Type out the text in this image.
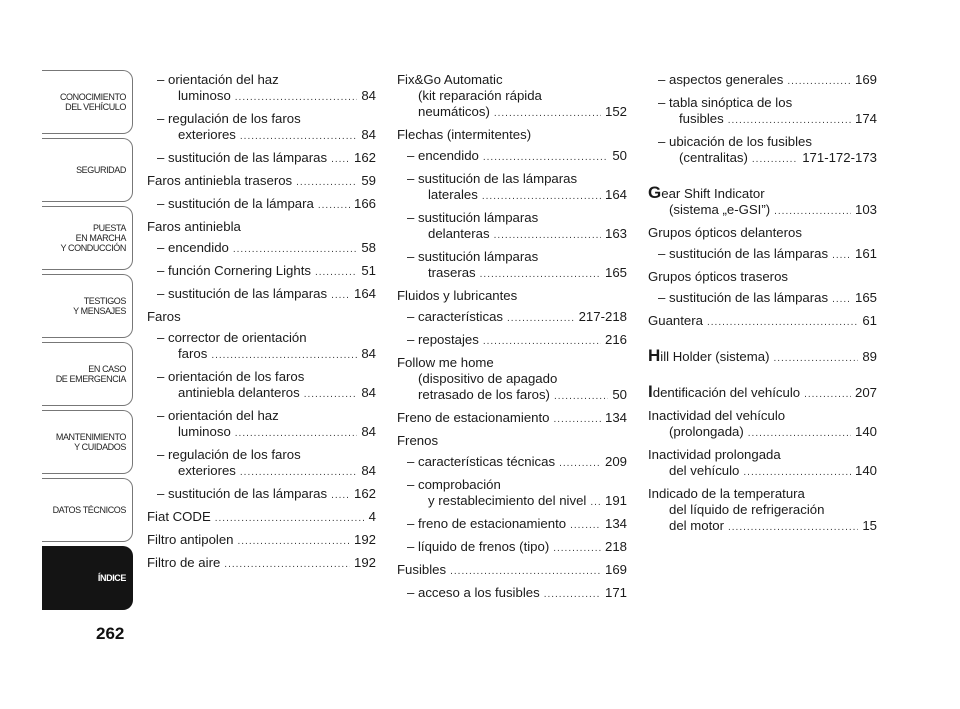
CONOCIMIENTO
DEL VEHÍCULO
SEGURIDAD
PUESTA
EN MARCHA
Y CONDUCCIÓN
TESTIGOS
Y MENSAJES
EN CASO
DE EMERGENCIA
MANTENIMIENTO
Y CUIDADOS
DATOS TÉCNICOS
ÍNDICE
262
– orientación del haz
luminoso .....	84
– regulación de los faros
exteriores .....	84
– sustitución de las lámparas ..... 162
Faros antiniebla traseros .....	59
– sustitución de la lámpara .....	166
Faros antiniebla
– encendido .....	58
– función Cornering Lights .....	51
– sustitución de las lámparas ..... 164
Faros
– corrector de orientación
faros .....	84
– orientación de los faros
antiniebla delanteros .....	84
– orientación del haz
luminoso .....	84
– regulación de los faros
exteriores .....	84
– sustitución de las lámparas ..... 162
Fiat CODE .....	4
Filtro antipolen .....	192
Filtro de aire .....	192
Fix&Go Automatic
(kit reparación rápida
neumáticos) .....	152
Flechas (intermitentes)
– encendido .....	50
– sustitución de las lámparas
laterales .....	164
– sustitución lámparas
delanteras .....	163
– sustitución lámparas
traseras .....	165
Fluidos y lubricantes
– características .....	217-218
– repostajes .....	216
Follow me home
(dispositivo de apagado
retrasado de los faros) .....	50
Freno de estacionamiento .....	134
Frenos
– características técnicas .....	209
– comprobación
y restablecimiento del nivel ..... 191
– freno de estacionamiento .....	134
– líquido de frenos (tipo) .....	218
Fusibles .....	169
– acceso a los fusibles .....	171
– aspectos generales .....	169
– tabla sinóptica de los
fusibles .....	174
– ubicación de los fusibles
(centralitas) .....	171-172-173
Gear Shift Indicator
(sistema „e-GSI”) .....	103
Grupos ópticos delanteros
– sustitución de las lámparas ..... 161
Grupos ópticos traseros
– sustitución de las lámparas ..... 165
Guantera .....	61
Hill Holder (sistema) .....	89
Identificación del vehículo .....	207
Inactividad del vehículo
(prolongada) .....	140
Inactividad prolongada
del vehículo .....	140
Indicado de la temperatura
del líquido de refrigeración
del motor .....	15
